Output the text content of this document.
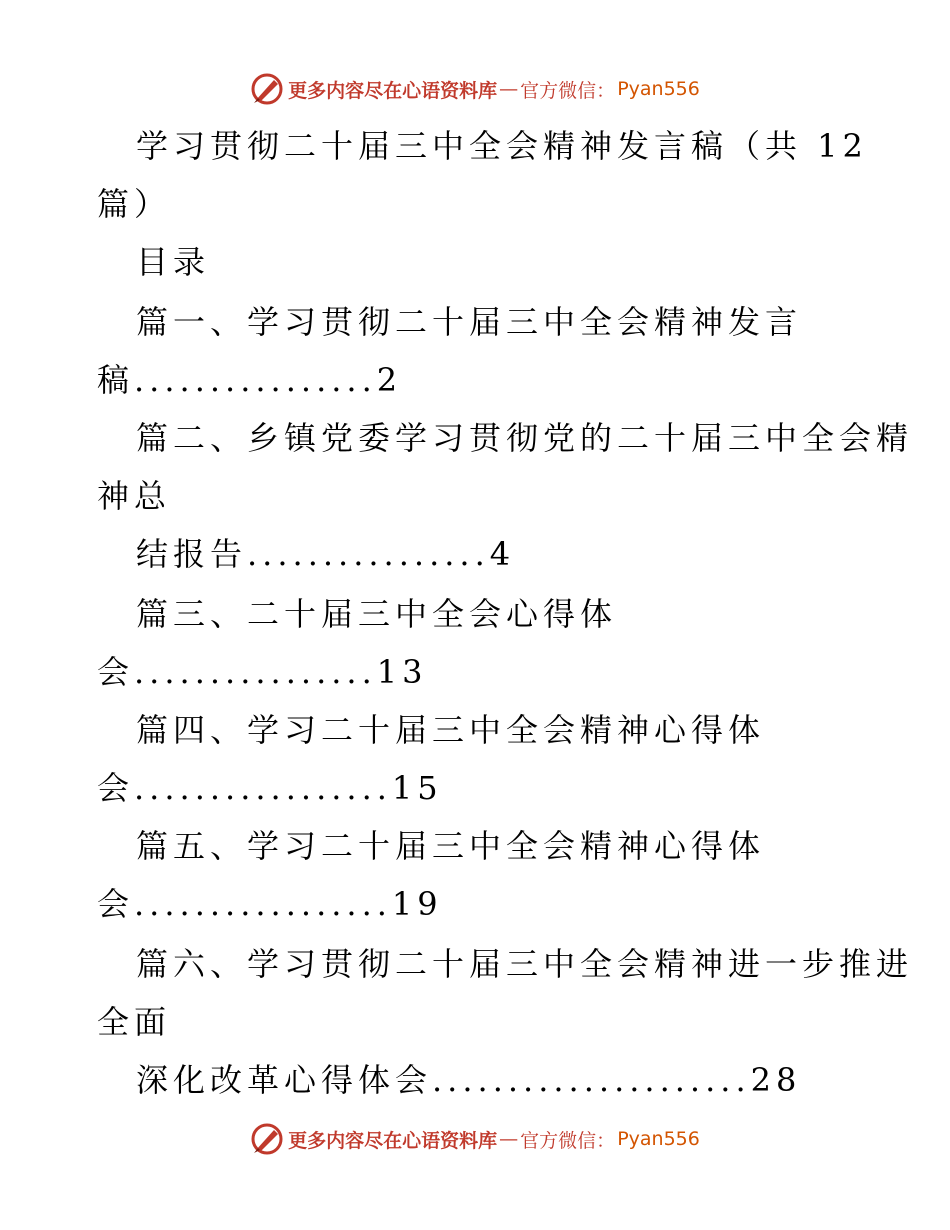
更多内容尽在心语资料库 — 官方微信： Pyan556
学习贯彻二十届三中全会精神发言稿（共 12
篇）
目录
篇一、学习贯彻二十届三中全会精神发言
稿................2
篇二、乡镇党委学习贯彻党的二十届三中全会精
神总
结报告................4
篇三、二十届三中全会心得体
会................13
篇四、学习二十届三中全会精神心得体
会.................15
篇五、学习二十届三中全会精神心得体
会.................19
篇六、学习贯彻二十届三中全会精神进一步推进
全面
深化改革心得体会.....................28
更多内容尽在心语资料库 — 官方微信： Pyan556
